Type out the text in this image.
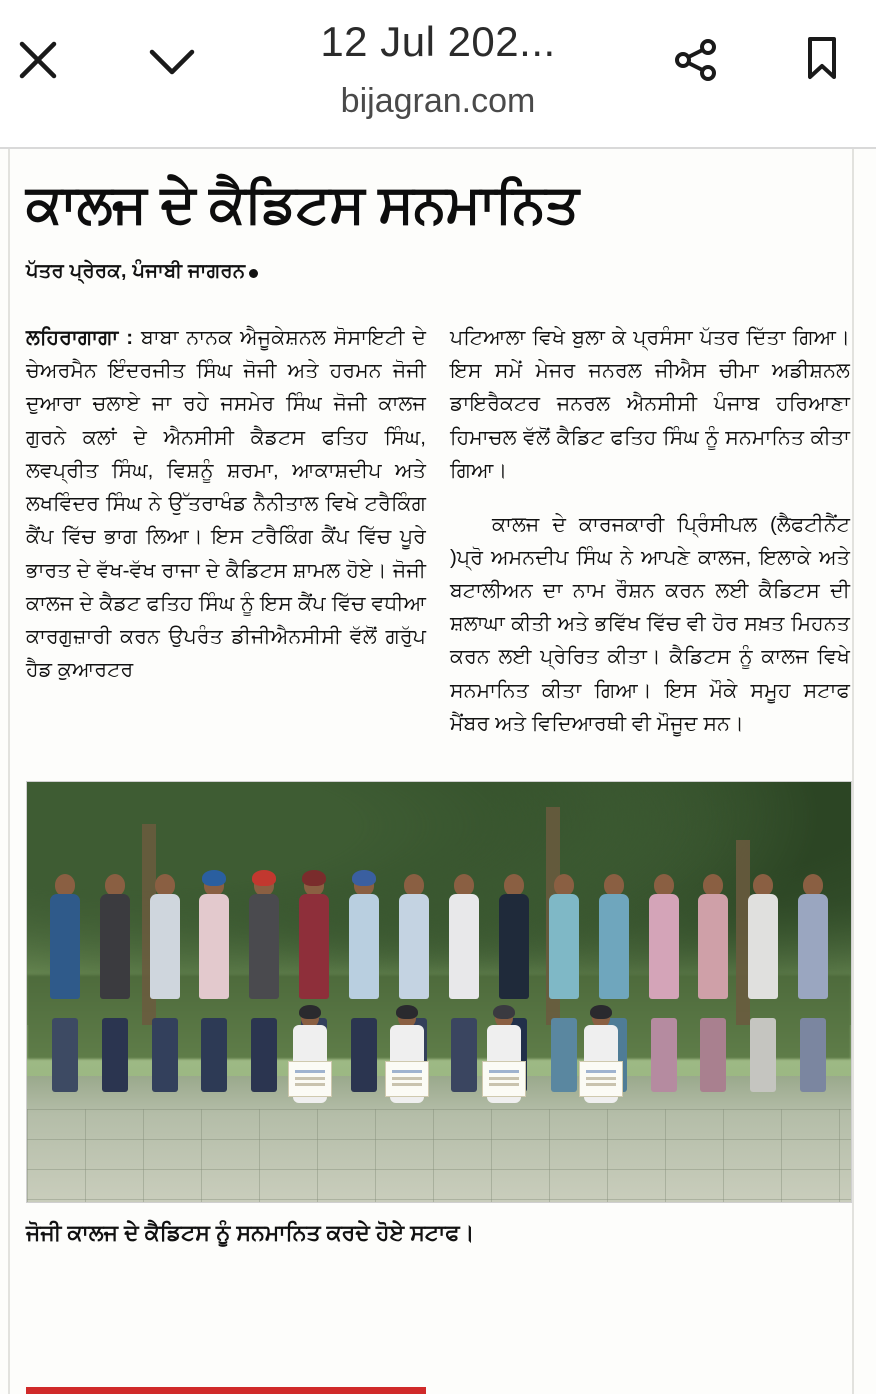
12 Jul 202...
bijagran.com
ਕਾਲਜ ਦੇ ਕੈਡਿਟਸ ਸਨਮਾਨਿਤ
ਪੱਤਰ ਪ੍ਰੇਰਕ, ਪੰਜਾਬੀ ਜਾਗਰਨ

ਲਹਿਰਾਗਾਗਾ : ਬਾਬਾ ਨਾਨਕ ਐਜੂਕੇਸ਼ਨਲ ਸੋਸਾਇਟੀ ਦੇ ਚੇਅਰਮੈਨ ਇੰਦਰਜੀਤ ਸਿੰਘ ਜੋਜੀ ਅਤੇ ਹਰਮਨ ਜੋਜੀ ਦੁਆਰਾ ਚਲਾਏ ਜਾ ਰਹੇ ਜਸਮੇਰ ਸਿੰਘ ਜੋਜੀ ਕਾਲਜ ਗੁਰਨੇ ਕਲਾਂ ਦੇ ਐਨਸੀਸੀ ਕੈਡਟਸ ਫਤਿਹ ਸਿੰਘ, ਲਵਪ੍ਰੀਤ ਸਿੰਘ, ਵਿਸ਼ਨੂੰ ਸ਼ਰਮਾ, ਆਕਾਸ਼ਦੀਪ ਅਤੇ ਲਖਵਿੰਦਰ ਸਿੰਘ ਨੇ ਉੱਤਰਾਖੰਡ ਨੈਨੀਤਾਲ ਵਿਖੇ ਟਰੈਕਿੰਗ ਕੈਂਪ ਵਿੱਚ ਭਾਗ ਲਿਆ। ਇਸ ਟਰੈਕਿੰਗ ਕੈਂਪ ਵਿੱਚ ਪੂਰੇ ਭਾਰਤ ਦੇ ਵੱਖ-ਵੱਖ ਰਾਜਾ ਦੇ ਕੈਡਿਟਸ ਸ਼ਾਮਲ ਹੋਏ। ਜੋਜੀ ਕਾਲਜ ਦੇ ਕੈਡਟ ਫਤਿਹ ਸਿੰਘ ਨੂੰ ਇਸ ਕੈਂਪ ਵਿੱਚ ਵਧੀਆ ਕਾਰਗੁਜ਼ਾਰੀ ਕਰਨ ਉਪਰੰਤ ਡੀਜੀਐਨਸੀਸੀ ਵੱਲੋਂ ਗਰੁੱਪ ਹੈਡ ਕੁਆਰਟਰ

ਪਟਿਆਲਾ ਵਿਖੇ ਬੁਲਾ ਕੇ ਪ੍ਰਸੰਸਾ ਪੱਤਰ ਦਿੱਤਾ ਗਿਆ। ਇਸ ਸਮੇਂ ਮੇਜਰ ਜਨਰਲ ਜੀਐਸ ਚੀਮਾ ਅਡੀਸ਼ਨਲ ਡਾਇਰੈਕਟਰ ਜਨਰਲ ਐਨਸੀਸੀ ਪੰਜਾਬ ਹਰਿਆਣਾ ਹਿਮਾਚਲ ਵੱਲੋਂ ਕੈਡਿਟ ਫਤਿਹ ਸਿੰਘ ਨੂੰ ਸਨਮਾਨਿਤ ਕੀਤਾ ਗਿਆ।

ਕਾਲਜ ਦੇ ਕਾਰਜਕਾਰੀ ਪ੍ਰਿੰਸੀਪਲ (ਲੈਫਟੀਨੈਂਟ )ਪ੍ਰੋ ਅਮਨਦੀਪ ਸਿੰਘ ਨੇ ਆਪਣੇ ਕਾਲਜ, ਇਲਾਕੇ ਅਤੇ ਬਟਾਲੀਅਨ ਦਾ ਨਾਮ ਰੌਸ਼ਨ ਕਰਨ ਲਈ ਕੈਡਿਟਸ ਦੀ ਸ਼ਲਾਘਾ ਕੀਤੀ ਅਤੇ ਭਵਿੱਖ ਵਿੱਚ ਵੀ ਹੋਰ ਸਖ਼ਤ ਮਿਹਨਤ ਕਰਨ ਲਈ ਪ੍ਰੇਰਿਤ ਕੀਤਾ। ਕੈਡਿਟਸ ਨੂੰ ਕਾਲਜ ਵਿਖੇ ਸਨਮਾਨਿਤ ਕੀਤਾ ਗਿਆ। ਇਸ ਮੌਕੇ ਸਮੂਹ ਸਟਾਫ ਮੈਂਬਰ ਅਤੇ ਵਿਦਿਆਰਥੀ ਵੀ ਮੌਜੂਦ ਸਨ।

ਜੋਜੀ ਕਾਲਜ ਦੇ ਕੈਡਿਟਸ ਨੂੰ ਸਨਮਾਨਿਤ ਕਰਦੇ ਹੋਏ ਸਟਾਫ।
